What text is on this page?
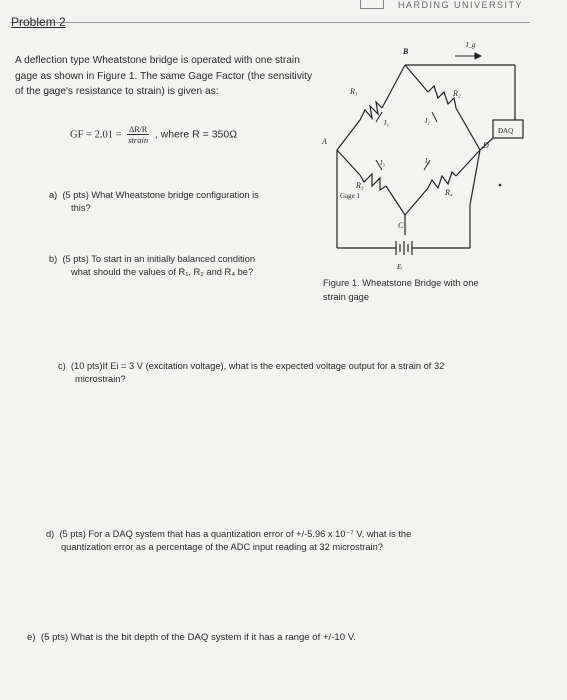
HARDING UNIVERSITY
Problem 2
A deflection type Wheatstone bridge is operated with one strain gage as shown in Figure 1. The same Gage Factor (the sensitivity of the gage's resistance to strain) is given as:
GF = $2.01 = \frac{\Delta R/R}{\text{strain}}$ , where R = 350Ω
a) (5 pts) What Wheatstone bridge configuration is
this?
b) (5 pts) To start in an initially balanced condition
what should the values of R₁, R₂ and R₄ be?
c) (10 pts)If Ei = 3 V (excitation voltage), what is the expected voltage output for a strain of 32
microstrain?
d) (5 pts) For a DAQ system that has a quantization error of +/-5.96 x 10⁻⁷ V, what is the
quantization error as a percentage of the ADC input reading at 32 microstrain?
e) (5 pts) What is the bit depth of the DAQ system if it has a range of +/-10 V.
A
B
C
D
R₁	R₂
R₃
R₄
Gage 1
I₁	I₂
I₃	I₄
I_g
Eᵢ
DAQ
Figure 1. Wheatstone Bridge with one
strain gage
